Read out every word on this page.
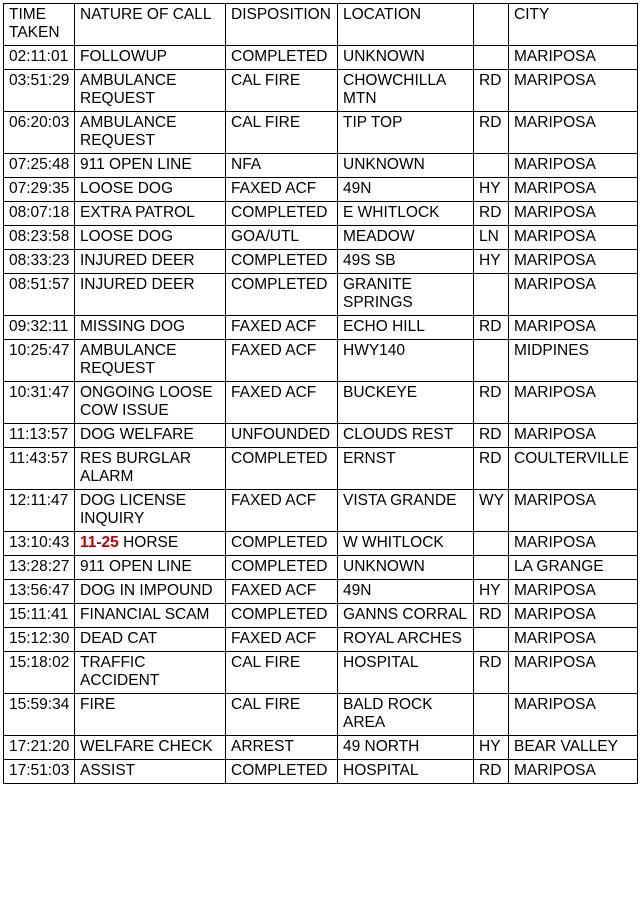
TIME TAKEN	NATURE OF CALL	DISPOSITION	LOCATION		CITY
02:11:01	FOLLOWUP	COMPLETED	UNKNOWN		MARIPOSA
03:51:29	AMBULANCE REQUEST	CAL FIRE	CHOWCHILLA MTN	RD	MARIPOSA
06:20:03	AMBULANCE REQUEST	CAL FIRE	TIP TOP	RD	MARIPOSA
07:25:48	911 OPEN LINE	NFA	UNKNOWN		MARIPOSA
07:29:35	LOOSE DOG	FAXED ACF	49N	HY	MARIPOSA
08:07:18	EXTRA PATROL	COMPLETED	E WHITLOCK	RD	MARIPOSA
08:23:58	LOOSE DOG	GOA/UTL	MEADOW	LN	MARIPOSA
08:33:23	INJURED DEER	COMPLETED	49S SB	HY	MARIPOSA
08:51:57	INJURED DEER	COMPLETED	GRANITE SPRINGS		MARIPOSA
09:32:11	MISSING DOG	FAXED ACF	ECHO HILL	RD	MARIPOSA
10:25:47	AMBULANCE REQUEST	FAXED ACF	HWY140		MIDPINES
10:31:47	ONGOING LOOSE COW ISSUE	FAXED ACF	BUCKEYE	RD	MARIPOSA
11:13:57	DOG WELFARE	UNFOUNDED	CLOUDS REST	RD	MARIPOSA
11:43:57	RES BURGLAR ALARM	COMPLETED	ERNST	RD	COULTERVILLE
12:11:47	DOG LICENSE INQUIRY	FAXED ACF	VISTA GRANDE	WY	MARIPOSA
13:10:43	11-25 HORSE	COMPLETED	W WHITLOCK		MARIPOSA
13:28:27	911 OPEN LINE	COMPLETED	UNKNOWN		LA GRANGE
13:56:47	DOG IN IMPOUND	FAXED ACF	49N	HY	MARIPOSA
15:11:41	FINANCIAL SCAM	COMPLETED	GANNS CORRAL	RD	MARIPOSA
15:12:30	DEAD CAT	FAXED ACF	ROYAL ARCHES		MARIPOSA
15:18:02	TRAFFIC ACCIDENT	CAL FIRE	HOSPITAL	RD	MARIPOSA
15:59:34	FIRE	CAL FIRE	BALD ROCK AREA		MARIPOSA
17:21:20	WELFARE CHECK	ARREST	49 NORTH	HY	BEAR VALLEY
17:51:03	ASSIST	COMPLETED	HOSPITAL	RD	MARIPOSA
